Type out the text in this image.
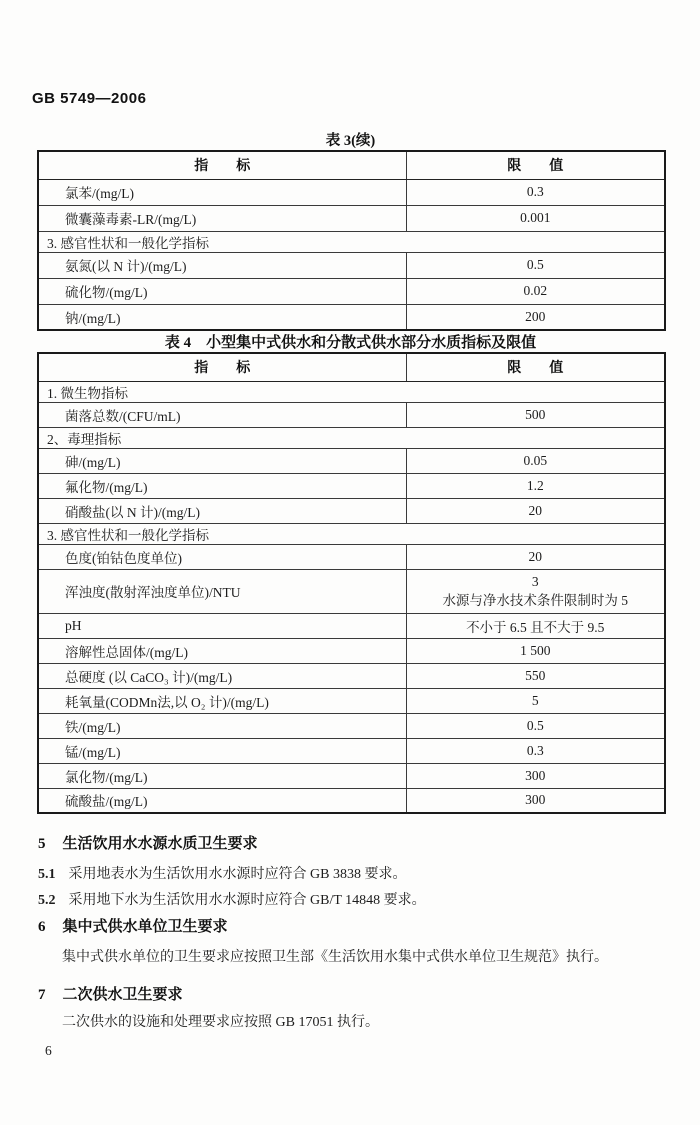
GB 5749—2006
表 3(续)
指　　标	限　　值
氯苯/(mg/L)	0.3
微囊藻毒素-LR/(mg/L)	0.001
3. 感官性状和一般化学指标	
氨氮(以 N 计)/(mg/L)	0.5
硫化物/(mg/L)	0.02
钠/(mg/L)	200
表 4　小型集中式供水和分散式供水部分水质指标及限值
指　　标	限　　值
1. 微生物指标	
菌落总数/(CFU/mL)	500
2、毒理指标	
砷/(mg/L)	0.05
氟化物/(mg/L)	1.2
硝酸盐(以 N 计)/(mg/L)	20
3. 感官性状和一般化学指标	
色度(铂钴色度单位)	20
浑浊度(散射浑浊度单位)/NTU	3
水源与净水技术条件限制时为 5

pH	不小于 6.5 且不大于 9.5
溶解性总固体/(mg/L)	1 500
总硬度 (以 CaCO₃ 计)/(mg/L)	550
耗氧量(CODMn法,以 O₂ 计)/(mg/L)	5
铁/(mg/L)	0.5
锰/(mg/L)	0.3
氯化物/(mg/L)	300
硫酸盐/(mg/L)	300
5 生活饮用水水源水质卫生要求
5.1 采用地表水为生活饮用水水源时应符合 GB 3838 要求。
5.2 采用地下水为生活饮用水水源时应符合 GB/T 14848 要求。
6 集中式供水单位卫生要求
集中式供水单位的卫生要求应按照卫生部《生活饮用水集中式供水单位卫生规范》执行。
7 二次供水卫生要求
二次供水的设施和处理要求应按照 GB 17051 执行。
6
